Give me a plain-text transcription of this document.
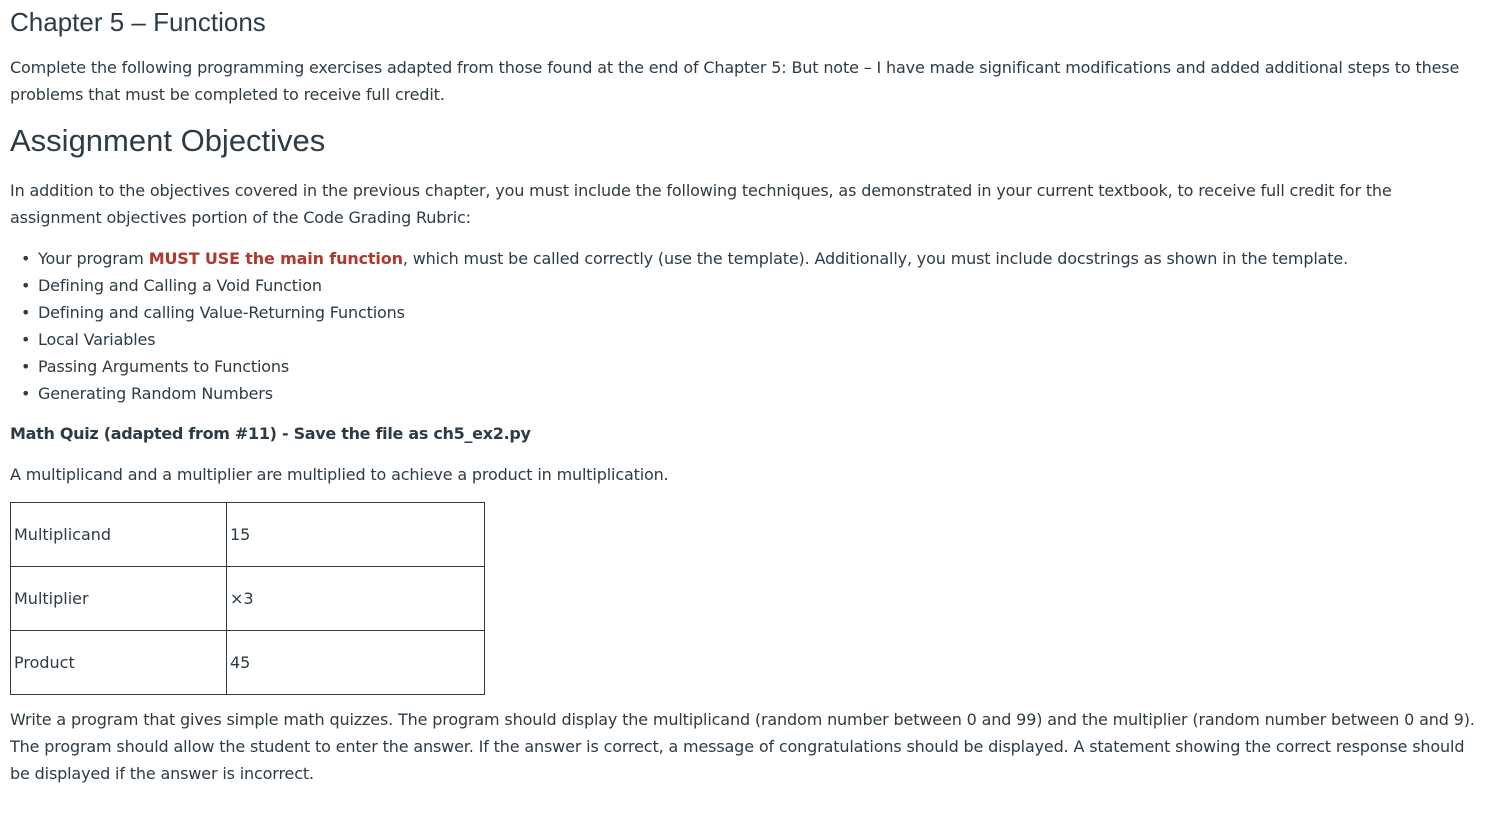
Chapter 5 – Functions

Complete the following programming exercises adapted from those found at the end of Chapter 5: But note – I have made significant modifications and added additional steps to these problems that must be completed to receive full credit.

Assignment Objectives

In addition to the objectives covered in the previous chapter, you must include the following techniques, as demonstrated in your current textbook, to receive full credit for the assignment objectives portion of the Code Grading Rubric:

• Your program MUST USE the main function, which must be called correctly (use the template). Additionally, you must include docstrings as shown in the template.
• Defining and Calling a Void Function
• Defining and calling Value-Returning Functions
• Local Variables
• Passing Arguments to Functions
• Generating Random Numbers

Math Quiz (adapted from #11) - Save the file as ch5_ex2.py

A multiplicand and a multiplier are multiplied to achieve a product in multiplication.

Multiplicand	15
Multiplier	×3
Product	45

Write a program that gives simple math quizzes. The program should display the multiplicand (random number between 0 and 99) and the multiplier (random number between 0 and 9). The program should allow the student to enter the answer. If the answer is correct, a message of congratulations should be displayed. A statement showing the correct response should be displayed if the answer is incorrect.
